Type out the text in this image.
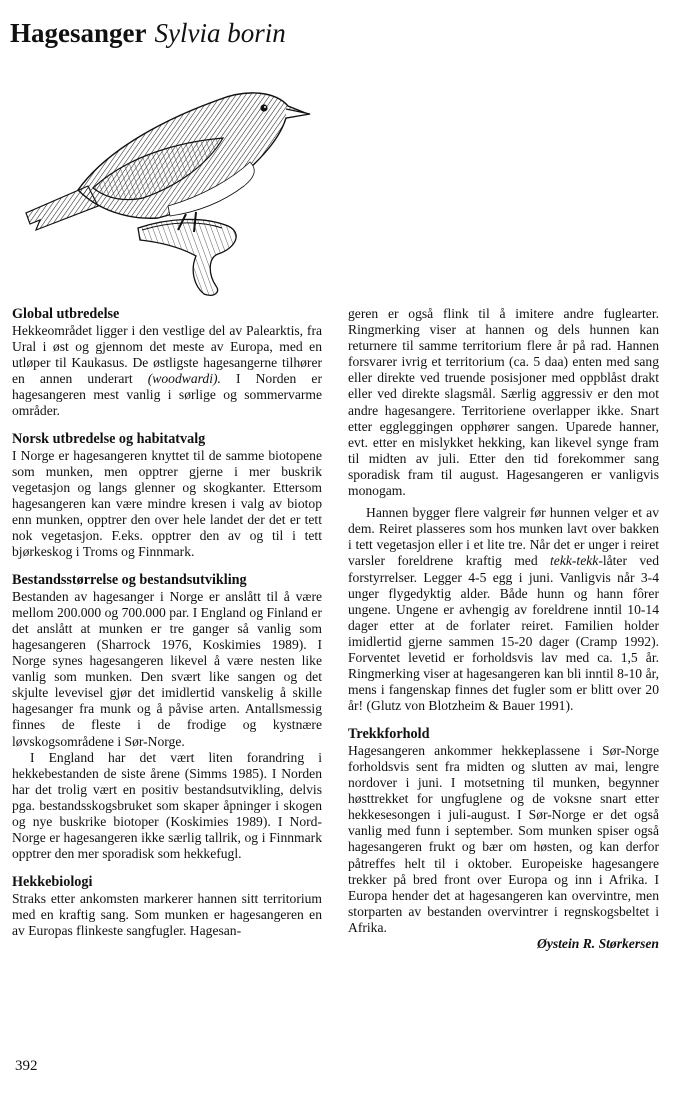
Hagesanger Sylvia borin
Global utbredelse

Hekkeområdet ligger i den vestlige del av Palearktis, fra Ural i øst og gjennom det meste av Europa, med en utløper til Kaukasus. De østligste hagesangerne tilhører en annen underart (woodwardi). I Norden er hagesangeren mest vanlig i sørlige og sommervarme områder.

Norsk utbredelse og habitatvalg

I Norge er hagesangeren knyttet til de samme biotopene som munken, men opptrer gjerne i mer buskrik vegetasjon og langs glenner og skogkanter. Ettersom hagesangeren kan være mindre kresen i valg av biotop enn munken, opptrer den over hele landet der det er tett nok vegetasjon. F.eks. opptrer den av og til i tett bjørkeskog i Troms og Finnmark.

Bestandsstørrelse og bestandsutvikling

Bestanden av hagesanger i Norge er anslått til å være mellom 200.000 og 700.000 par. I England og Finland er det anslått at munken er tre ganger så vanlig som hagesangeren (Sharrock 1976, Koskimies 1989). I Norge synes hagesangeren likevel å være nesten like vanlig som munken. Den svært like sangen og det skjulte levevisel gjør det imidlertid vanskelig å skille hagesanger fra munk og å påvise arten. Antallsmessig finnes de fleste i de frodige og kystnære løvskogsområdene i Sør-Norge.

I England har det vært liten forandring i hekkebestanden de siste årene (Simms 1985). I Norden har det trolig vært en positiv bestandsutvikling, delvis pga. bestandsskogsbruket som skaper åpninger i skogen og nye buskrike biotoper (Koskimies 1989). I Nord-Norge er hagesangeren ikke særlig tallrik, og i Finnmark opptrer den mer sporadisk som hekkefugl.

Hekkebiologi

Straks etter ankomsten markerer hannen sitt territorium med en kraftig sang. Som munken er hagesangeren en av Europas flinkeste sangfugler. Hagesan-

geren er også flink til å imitere andre fuglearter. Ringmerking viser at hannen og dels hunnen kan returnere til samme territorium flere år på rad. Hannen forsvarer ivrig et territorium (ca. 5 daa) enten med sang eller direkte ved truende posisjoner med oppblåst drakt eller ved direkte slagsmål. Særlig aggressiv er den mot andre hagesangere. Territoriene overlapper ikke. Snart etter eggleggingen opphører sangen. Uparede hanner, evt. etter en mislykket hekking, kan likevel synge fram til midten av juli. Etter den tid forekommer sang sporadisk fram til august. Hagesangeren er vanligvis monogam.

Hannen bygger flere valgreir før hunnen velger et av dem. Reiret plasseres som hos munken lavt over bakken i tett vegetasjon eller i et lite tre. Når det er unger i reiret varsler foreldrene kraftig med tekk-tekk-låter ved forstyrrelser. Legger 4-5 egg i juni. Vanligvis når 3-4 unger flygedyktig alder. Både hunn og hann fôrer ungene. Ungene er avhengig av foreldrene inntil 10-14 dager etter at de forlater reiret. Familien holder imidlertid gjerne sammen 15-20 dager (Cramp 1992). Forventet levetid er forholdsvis lav med ca. 1,5 år. Ringmerking viser at hagesangeren kan bli inntil 8-10 år, mens i fangenskap finnes det fugler som er blitt over 20 år! (Glutz von Blotzheim & Bauer 1991).

Trekkforhold

Hagesangeren ankommer hekkeplassene i Sør-Norge forholdsvis sent fra midten og slutten av mai, lengre nordover i juni. I motsetning til munken, begynner høsttrekket for ungfuglene og de voksne snart etter hekkesesongen i juli-august. I Sør-Norge er det også vanlig med funn i september. Som munken spiser også hagesangeren frukt og bær om høsten, og kan derfor påtreffes helt til i oktober. Europeiske hagesangere trekker på bred front over Europa og inn i Afrika. I Europa hender det at hagesangeren kan overvintre, men storparten av bestanden overvintrer i regnskogsbeltet i Afrika.

Øystein R. Størkersen

392
